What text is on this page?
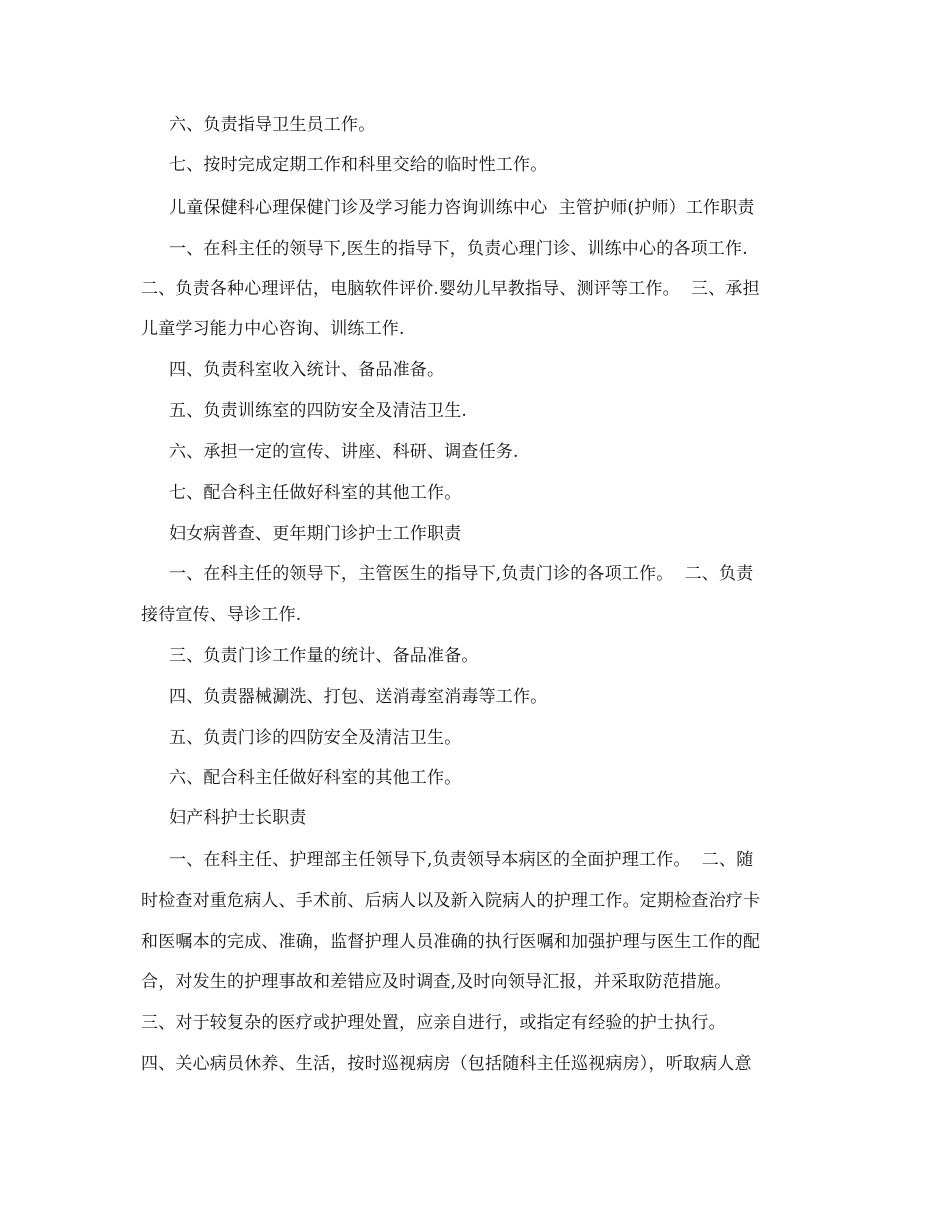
六、负责指导卫生员工作。
七、按时完成定期工作和科里交给的临时性工作。
儿童保健科心理保健门诊及学习能力咨询训练中心  主管护师(护师）工作职责
一、在科主任的领导下,医生的指导下，负责心理门诊、训练中心的各项工作.
二、负责各种心理评估，电脑软件评价.婴幼儿早教指导、测评等工作。  三、承担
儿童学习能力中心咨询、训练工作.
四、负责科室收入统计、备品准备。
五、负责训练室的四防安全及清洁卫生.
六、承担一定的宣传、讲座、科研、调查任务.
七、配合科主任做好科室的其他工作。
妇女病普查、更年期门诊护士工作职责
一、在科主任的领导下，主管医生的指导下,负责门诊的各项工作。  二、负责
接待宣传、导诊工作.
三、负责门诊工作量的统计、备品准备。
四、负责器械涮洗、打包、送消毒室消毒等工作。
五、负责门诊的四防安全及清洁卫生。
六、配合科主任做好科室的其他工作。
妇产科护士长职责
一、在科主任、护理部主任领导下,负责领导本病区的全面护理工作。  二、随
时检查对重危病人、手术前、后病人以及新入院病人的护理工作。定期检查治疗卡
和医嘱本的完成、准确，监督护理人员准确的执行医嘱和加强护理与医生工作的配
合，对发生的护理事故和差错应及时调查,及时向领导汇报，并采取防范措施。
三、对于较复杂的医疗或护理处置，应亲自进行，或指定有经验的护士执行。
四、关心病员休养、生活，按时巡视病房（包括随科主任巡视病房），听取病人意
